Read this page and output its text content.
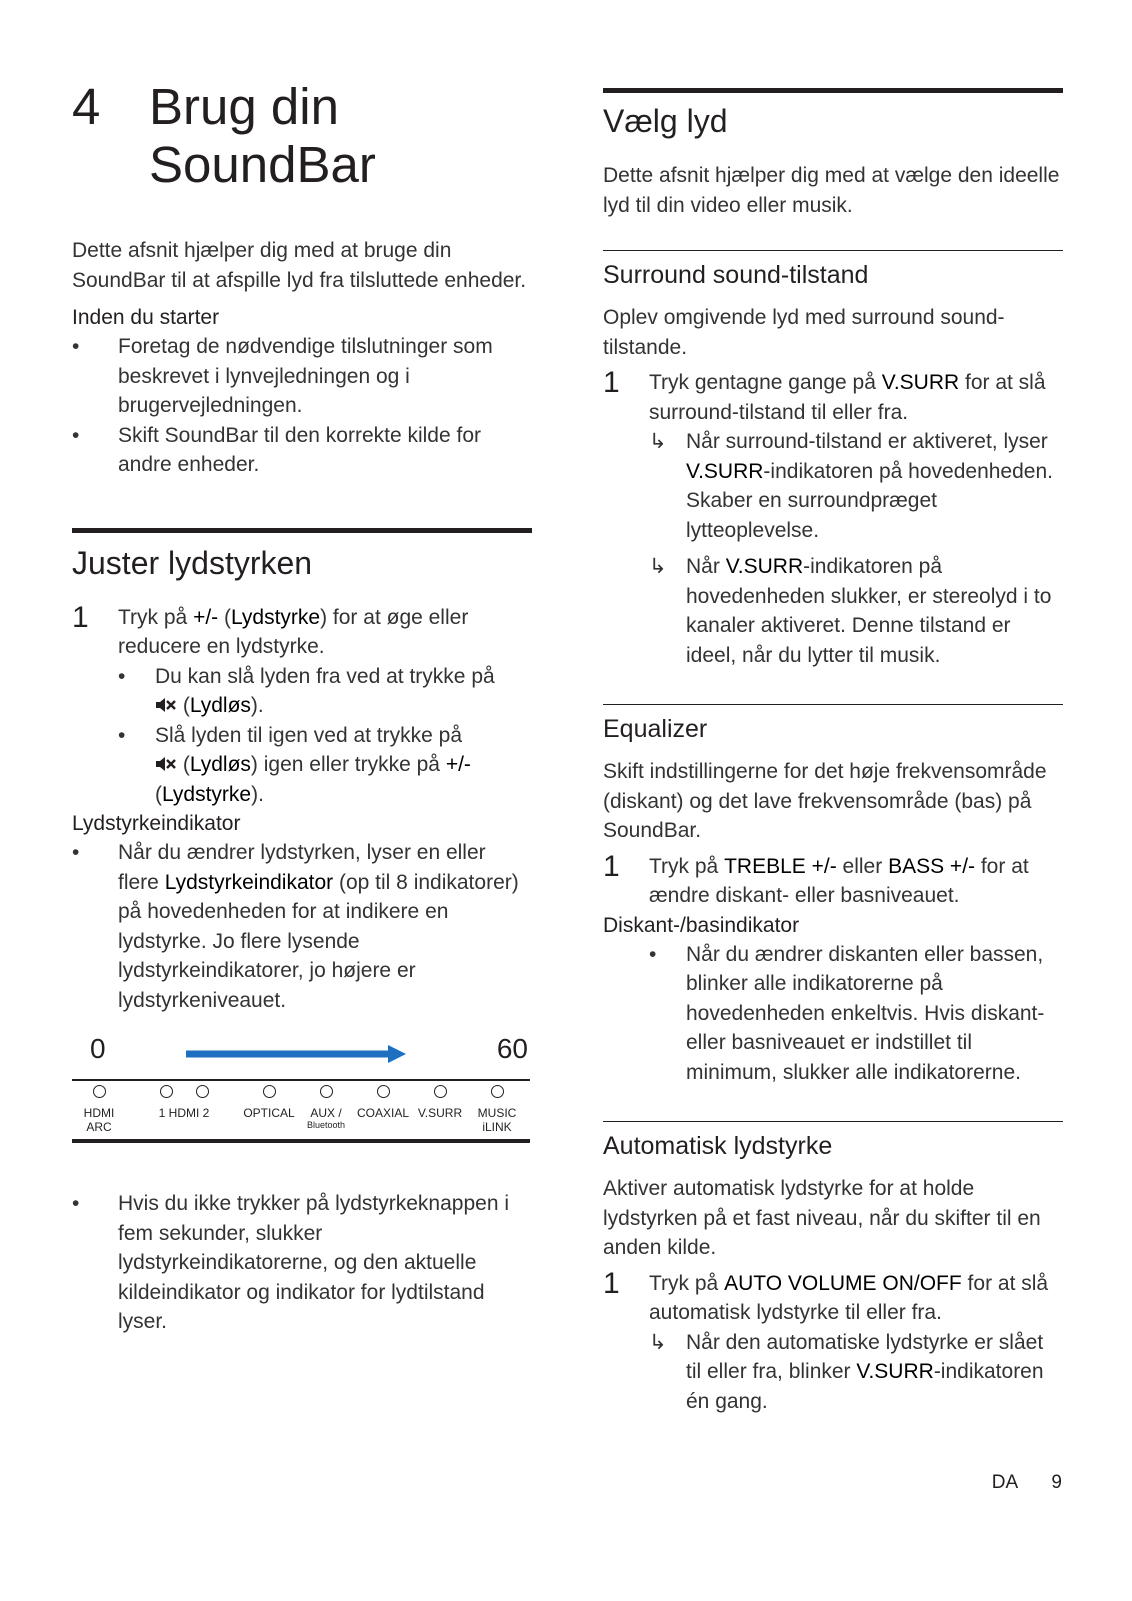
4 Brug din
SoundBar

Dette afsnit hjælper dig med at bruge din SoundBar til at afspille lyd fra tilsluttede enheder.

Inden du starter
• Foretag de nødvendige tilslutninger som beskrevet i lynvejledningen og i brugervejledningen.
• Skift SoundBar til den korrekte kilde for andre enheder.
Juster lydstyrken
1	Tryk på +/- (Lydstyrke) for at øge eller reducere en lydstyrke.
• Du kan slå lyden fra ved at trykke på
(Lydløs).
• Slå lyden til igen ved at trykke på
(Lydløs) igen eller trykke på +/-
(Lydstyrke).
Lydstyrkeindikator
• Når du ændrer lydstyrken, lyser en eller flere Lydstyrkeindikator (op til 8 indikatorer) på hovedenheden for at indikere en lydstyrke. Jo flere lysende lydstyrkeindikatorer, jo højere er lydstyrkeniveauet.
0	60
HDMI
ARC
1 HDMI 2	OPTICAL	AUX /
Bluetooth
COAXIAL V.SURR	MUSIC
iLINK
• Hvis du ikke trykker på lydstyrkeknappen i fem sekunder, slukker lydstyrkeindikatorerne, og den aktuelle kildeindikator og indikator for lydtilstand lyser.
Vælg lyd

Dette afsnit hjælper dig med at vælge den ideelle lyd til din video eller musik.

Surround sound-tilstand

Oplev omgivende lyd med surround sound-tilstande.

1	Tryk gentagne gange på V.SURR for at slå surround-tilstand til eller fra.
↳ Når surround-tilstand er aktiveret, lyser V.SURR-indikatoren på hovedenheden. Skaber en surroundpræget lytteoplevelse.
↳ Når V.SURR-indikatoren på hovedenheden slukker, er stereolyd i to kanaler aktiveret. Denne tilstand er ideel, når du lytter til musik.
Equalizer

Skift indstillingerne for det høje frekvensområde (diskant) og det lave frekvensområde (bas) på SoundBar.

1	Tryk på TREBLE +/- eller BASS +/- for at ændre diskant- eller basniveauet.
Diskant-/basindikator
• Når du ændrer diskanten eller bassen, blinker alle indikatorerne på hovedenheden enkeltvis. Hvis diskant- eller basniveauet er indstillet til minimum, slukker alle indikatorerne.
Automatisk lydstyrke

Aktiver automatisk lydstyrke for at holde lydstyrken på et fast niveau, når du skifter til en anden kilde.

1	Tryk på AUTO VOLUME ON/OFF for at slå automatisk lydstyrke til eller fra.
↳ Når den automatiske lydstyrke er slået til eller fra, blinker V.SURR-indikatoren én gang.
DA 9
